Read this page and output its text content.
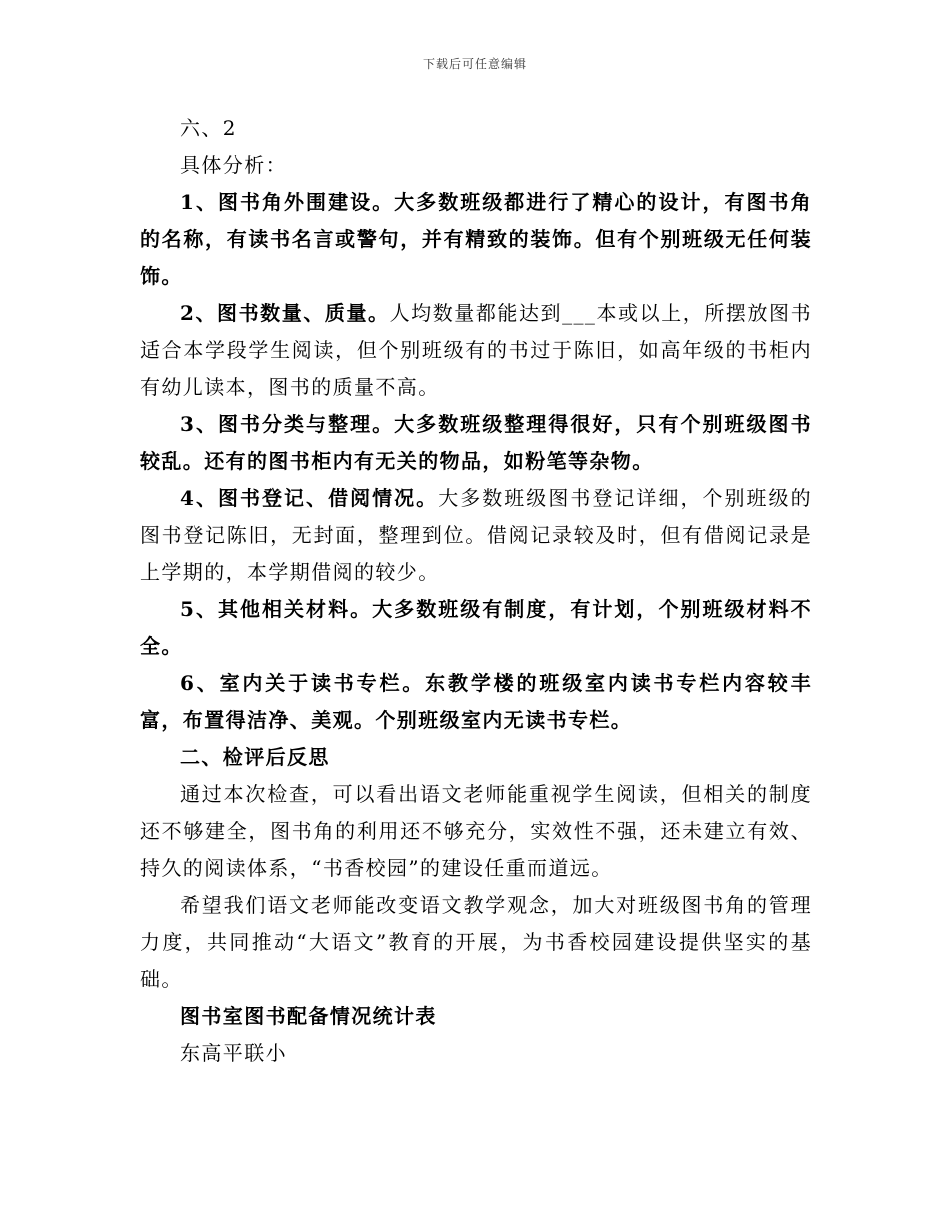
下载后可任意编辑

六、2

具体分析：

1、图书角外围建设。大多数班级都进行了精心的设计，有图书角的名称，有读书名言或警句，并有精致的装饰。但有个别班级无任何装饰。

2、图书数量、质量。人均数量都能达到___本或以上，所摆放图书适合本学段学生阅读，但个别班级有的书过于陈旧，如高年级的书柜内有幼儿读本，图书的质量不高。

3、图书分类与整理。大多数班级整理得很好，只有个别班级图书较乱。还有的图书柜内有无关的物品，如粉笔等杂物。

4、图书登记、借阅情况。大多数班级图书登记详细，个别班级的图书登记陈旧，无封面，整理到位。借阅记录较及时，但有借阅记录是上学期的，本学期借阅的较少。

5、其他相关材料。大多数班级有制度，有计划，个别班级材料不全。

6、室内关于读书专栏。东教学楼的班级室内读书专栏内容较丰富，布置得洁净、美观。个别班级室内无读书专栏。

二、检评后反思

通过本次检查，可以看出语文老师能重视学生阅读，但相关的制度还不够建全，图书角的利用还不够充分，实效性不强，还未建立有效、持久的阅读体系，“书香校园”的建设任重而道远。

希望我们语文老师能改变语文教学观念，加大对班级图书角的管理力度，共同推动“大语文”教育的开展，为书香校园建设提供坚实的基础。

图书室图书配备情况统计表

东高平联小
